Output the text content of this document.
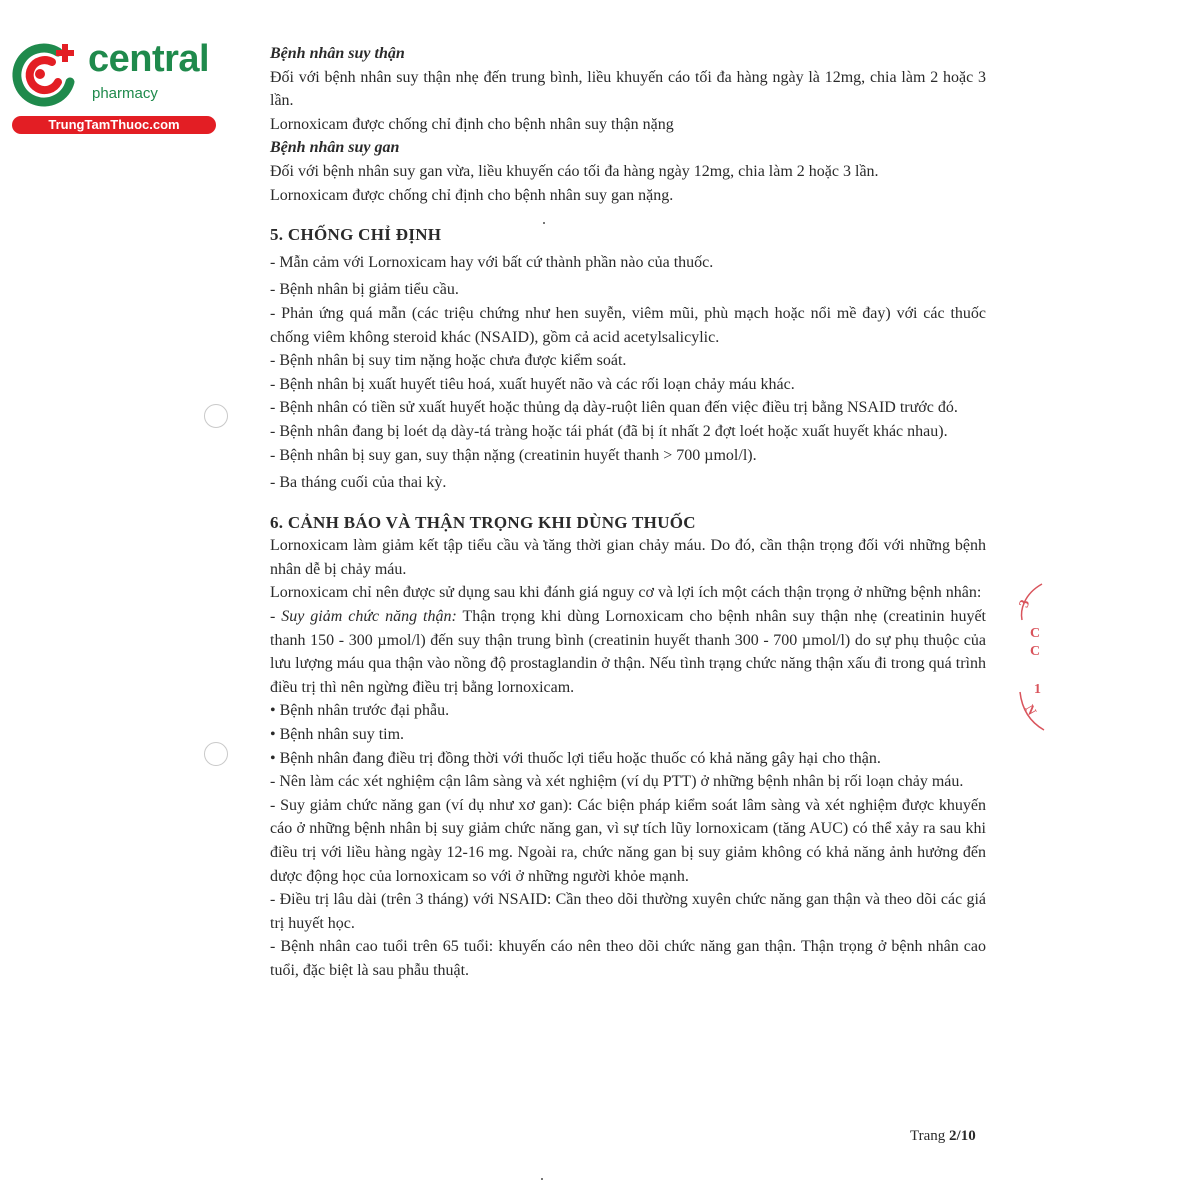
central
pharmacy
TrungTamThuoc.com
3
C
C
1
N

Bệnh nhân suy thận

Đối với bệnh nhân suy thận nhẹ đến trung bình, liều khuyến cáo tối đa hàng ngày là 12mg, chia làm 2 hoặc 3 lần.

Lornoxicam được chống chỉ định cho bệnh nhân suy thận nặng

Bệnh nhân suy gan

Đối với bệnh nhân suy gan vừa, liều khuyến cáo tối đa hàng ngày 12mg, chia làm 2 hoặc 3 lần.

Lornoxicam được chống chỉ định cho bệnh nhân suy gan nặng.

5. CHỐNG CHỈ ĐỊNH

- Mẫn cảm với Lornoxicam hay với bất cứ thành phần nào của thuốc.

- Bệnh nhân bị giảm tiểu cầu.

- Phản ứng quá mẫn (các triệu chứng như hen suyễn, viêm mũi, phù mạch hoặc nổi mề đay) với các thuốc chống viêm không steroid khác (NSAID), gồm cả acid acetylsalicylic.

- Bệnh nhân bị suy tim nặng hoặc chưa được kiểm soát.

- Bệnh nhân bị xuất huyết tiêu hoá, xuất huyết não và các rối loạn chảy máu khác.

- Bệnh nhân có tiền sử xuất huyết hoặc thủng dạ dày-ruột liên quan đến việc điều trị bằng NSAID trước đó.

- Bệnh nhân đang bị loét dạ dày-tá tràng hoặc tái phát (đã bị ít nhất 2 đợt loét hoặc xuất huyết khác nhau).

- Bệnh nhân bị suy gan, suy thận nặng (creatinin huyết thanh > 700 µmol/l).

- Ba tháng cuối của thai kỳ.

6. CẢNH BÁO VÀ THẬN TRỌNG KHI DÙNG THUỐC

Lornoxicam làm giảm kết tập tiểu cầu và tăng thời gian chảy máu. Do đó, cần thận trọng đối với những bệnh nhân dễ bị chảy máu.

Lornoxicam chỉ nên được sử dụng sau khi đánh giá nguy cơ và lợi ích một cách thận trọng ở những bệnh nhân:

- Suy giảm chức năng thận: Thận trọng khi dùng Lornoxicam cho bệnh nhân suy thận nhẹ (creatinin huyết thanh 150 - 300 µmol/l) đến suy thận trung bình (creatinin huyết thanh 300 - 700 µmol/l) do sự phụ thuộc của lưu lượng máu qua thận vào nồng độ prostaglandin ở thận. Nếu tình trạng chức năng thận xấu đi trong quá trình điều trị thì nên ngừng điều trị bằng lornoxicam.

• Bệnh nhân trước đại phẫu.

• Bệnh nhân suy tim.

• Bệnh nhân đang điều trị đồng thời với thuốc lợi tiểu hoặc thuốc có khả năng gây hại cho thận.

- Nên làm các xét nghiệm cận lâm sàng và xét nghiệm (ví dụ PTT) ở những bệnh nhân bị rối loạn chảy máu.

- Suy giảm chức năng gan (ví dụ như xơ gan): Các biện pháp kiểm soát lâm sàng và xét nghiệm được khuyến cáo ở những bệnh nhân bị suy giảm chức năng gan, vì sự tích lũy lornoxicam (tăng AUC) có thể xảy ra sau khi điều trị với liều hàng ngày 12-16 mg. Ngoài ra, chức năng gan bị suy giảm không có khả năng ảnh hưởng đến dược động học của lornoxicam so với ở những người khỏe mạnh.

- Điều trị lâu dài (trên 3 tháng) với NSAID: Cần theo dõi thường xuyên chức năng gan thận và theo dõi các giá trị huyết học.

- Bệnh nhân cao tuổi trên 65 tuổi: khuyến cáo nên theo dõi chức năng gan thận. Thận trọng ở bệnh nhân cao tuổi, đặc biệt là sau phẫu thuật.

Trang 2/10
